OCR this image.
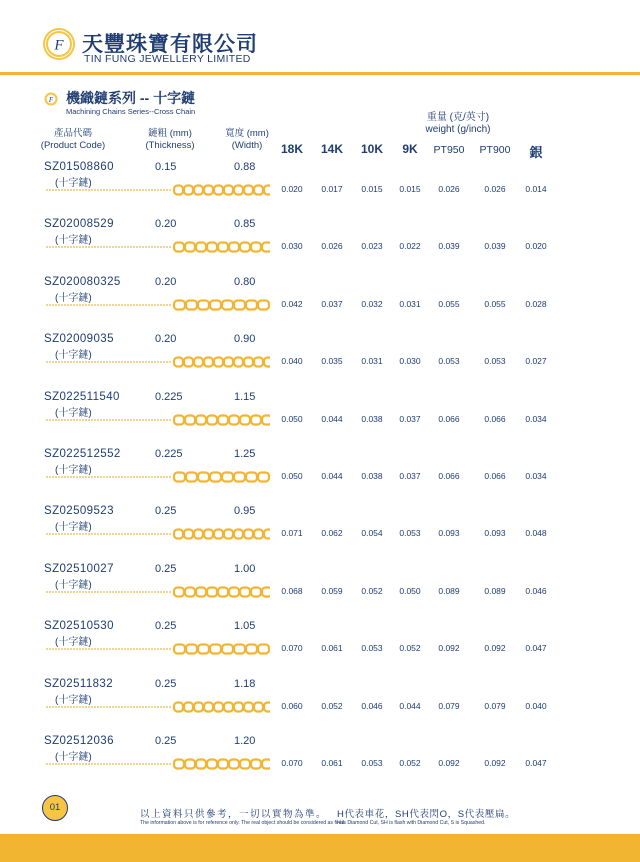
F 天豐珠寶有限公司
TIN FUNG JEWELLERY LIMITED
F 機織鏈系列 -- 十字鏈
Machining Chains Series--Cross Chain
產品代碼
(Product Code)
鏈粗 (mm)
(Thickness)
寬度 (mm)
(Width)
重量 (克/英寸)
weight (g/inch)
18K	14K	10K	9K	PT950	PT900	銀
SZ01508860
(十字鏈)
0.15	0.88
0.020	0.017	0.015	0.015	0.026	0.026	0.014
SZ02008529
(十字鏈)
0.20	0.85
0.030	0.026	0.023	0.022	0.039	0.039	0.020
SZ020080325
(十字鏈)
0.20	0.80
0.042	0.037	0.032	0.031	0.055	0.055	0.028
SZ02009035
(十字鏈)
0.20	0.90
0.040	0.035	0.031	0.030	0.053	0.053	0.027
SZ022511540
(十字鏈)
0.225	1.15
0.050	0.044	0.038	0.037	0.066	0.066	0.034
SZ022512552
(十字鏈)
0.225	1.25
0.050	0.044	0.038	0.037	0.066	0.066	0.034
SZ02509523
(十字鏈)
0.25	0.95
0.071	0.062	0.054	0.053	0.093	0.093	0.048
SZ02510027
(十字鏈)
0.25	1.00
0.068	0.059	0.052	0.050	0.089	0.089	0.046
SZ02510530
(十字鏈)
0.25	1.05
0.070	0.061	0.053	0.052	0.092	0.092	0.047
SZ02511832
(十字鏈)
0.25	1.18
0.060	0.052	0.046	0.044	0.079	0.079	0.040
SZ02512036
(十字鏈)
0.25	1.20
0.070	0.061	0.053	0.052	0.092	0.092	0.047
01
以上資料只供參考，一切以實物為準。
The information above is for reference only. The real object should be considered as final.
H代表車花，SH代表閃O，S代表壓扁。
H is Diamond Cut, SH is flash with Diamond Cut, S is Squashed.
